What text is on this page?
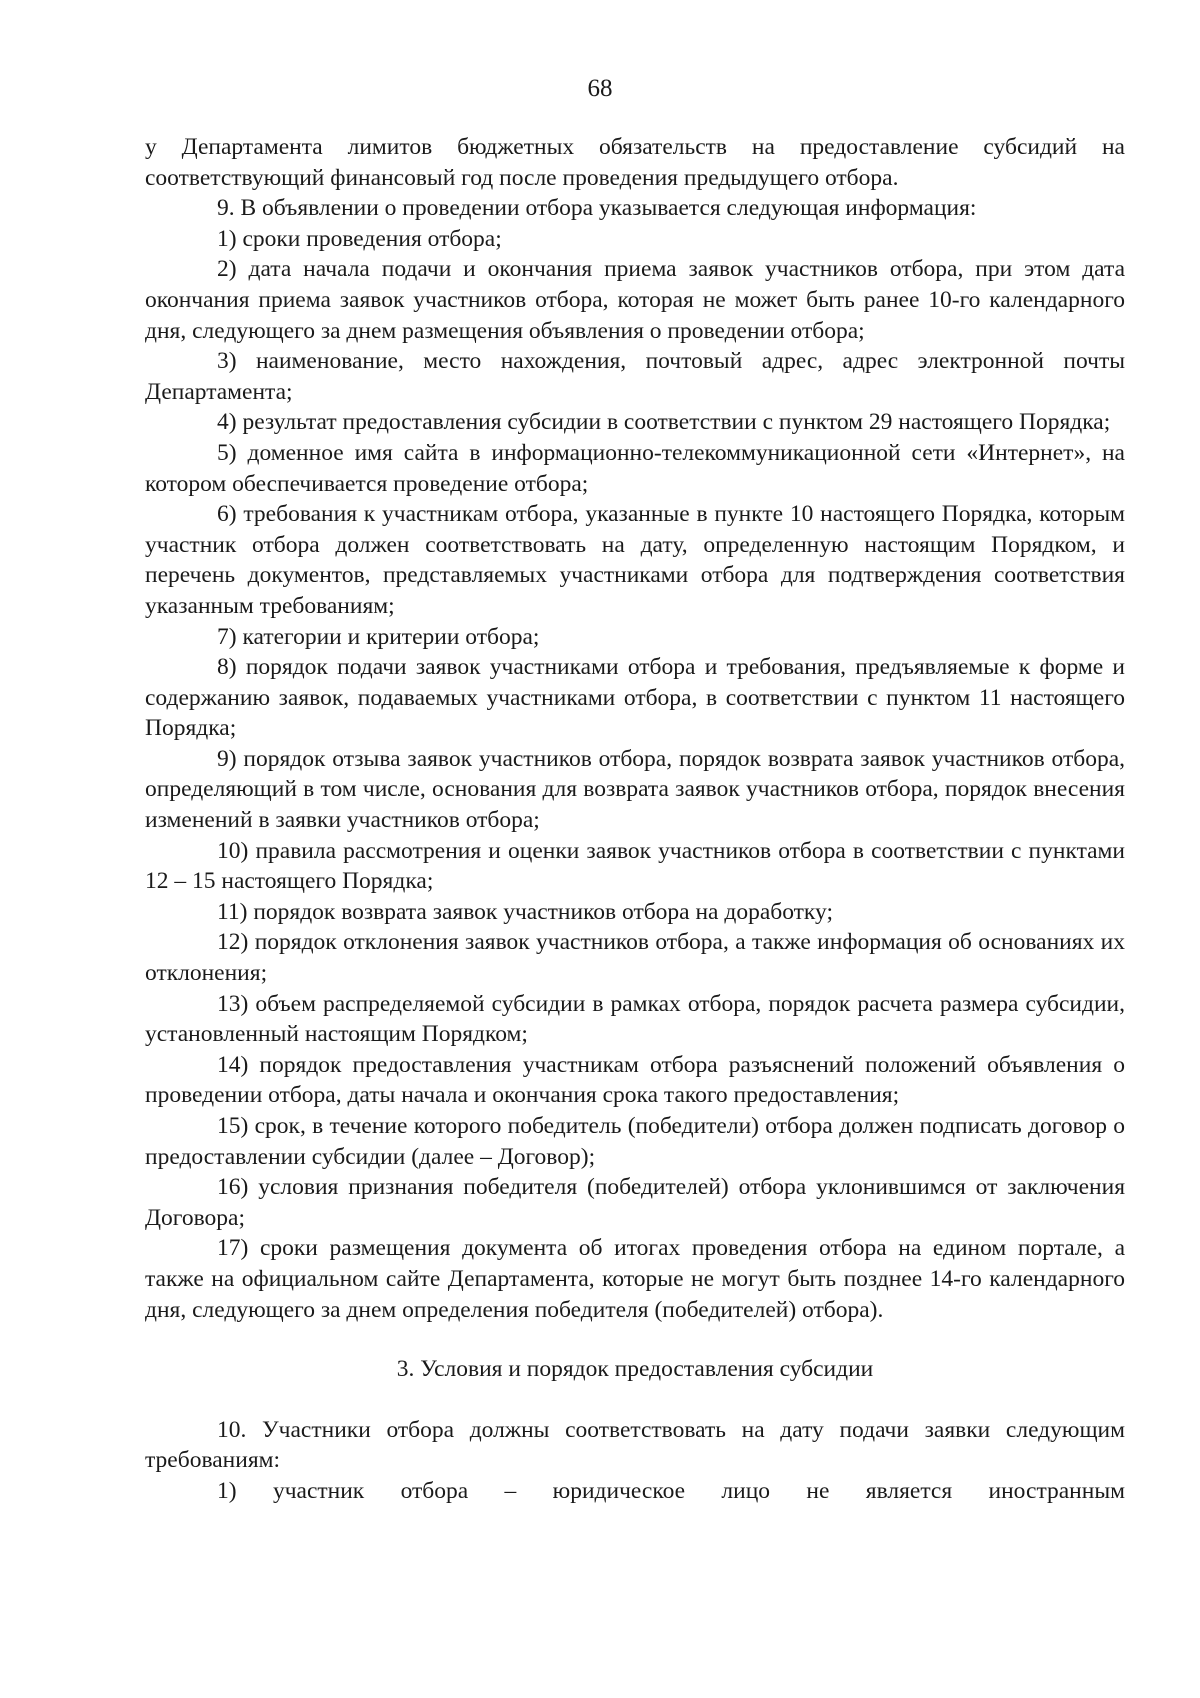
68

у Департамента лимитов бюджетных обязательств на предоставление субсидий на соответствующий финансовый год после проведения предыдущего отбора.

9. В объявлении о проведении отбора указывается следующая информация:

1) сроки проведения отбора;

2) дата начала подачи и окончания приема заявок участников отбора, при этом дата окончания приема заявок участников отбора, которая не может быть ранее 10-го календарного дня, следующего за днем размещения объявления о проведении отбора;

3) наименование, место нахождения, почтовый адрес, адрес электронной почты Департамента;

4) результат предоставления субсидии в соответствии с пунктом 29 настоящего Порядка;

5) доменное имя сайта в информационно-телекоммуникационной сети «Интернет», на котором обеспечивается проведение отбора;

6) требования к участникам отбора, указанные в пункте 10 настоящего Порядка, которым участник отбора должен соответствовать на дату, определенную настоящим Порядком, и перечень документов, представляемых участниками отбора для подтверждения соответствия указанным требованиям;

7) категории и критерии отбора;

8) порядок подачи заявок участниками отбора и требования, предъявляемые к форме и содержанию заявок, подаваемых участниками отбора, в соответствии с пунктом 11 настоящего Порядка;

9) порядок отзыва заявок участников отбора, порядок возврата заявок участников отбора, определяющий в том числе, основания для возврата заявок участников отбора, порядок внесения изменений в заявки участников отбора;

10) правила рассмотрения и оценки заявок участников отбора в соответствии с пунктами 12 – 15 настоящего Порядка;

11) порядок возврата заявок участников отбора на доработку;

12) порядок отклонения заявок участников отбора, а также информация об основаниях их отклонения;

13) объем распределяемой субсидии в рамках отбора, порядок расчета размера субсидии, установленный настоящим Порядком;

14) порядок предоставления участникам отбора разъяснений положений объявления о проведении отбора, даты начала и окончания срока такого предоставления;

15) срок, в течение которого победитель (победители) отбора должен подписать договор о предоставлении субсидии (далее – Договор);

16) условия признания победителя (победителей) отбора уклонившимся от заключения Договора;

17) сроки размещения документа об итогах проведения отбора на едином портале, а также на официальном сайте Департамента, которые не могут быть позднее 14-го календарного дня, следующего за днем определения победителя (победителей) отбора).

3. Условия и порядок предоставления субсидии

10. Участники отбора должны соответствовать на дату подачи заявки следующим требованиям:

1) участник отбора – юридическое лицо не является иностранным
